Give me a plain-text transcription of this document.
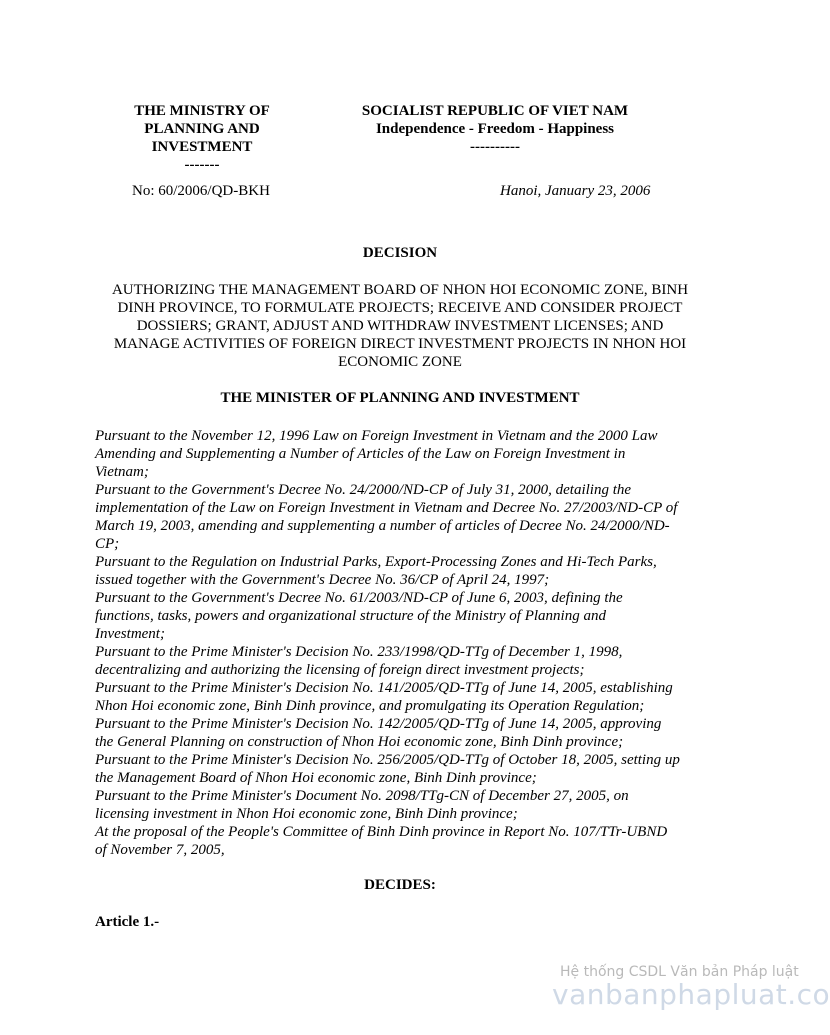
THE MINISTRY OF
PLANNING AND
INVESTMENT
-------
SOCIALIST REPUBLIC OF VIET NAM
Independence - Freedom - Happiness
----------
No: 60/2006/QD-BKH	Hanoi, January 23, 2006
DECISION
AUTHORIZING THE MANAGEMENT BOARD OF NHON HOI ECONOMIC ZONE, BINH
DINH PROVINCE, TO FORMULATE PROJECTS; RECEIVE AND CONSIDER PROJECT
DOSSIERS; GRANT, ADJUST AND WITHDRAW INVESTMENT LICENSES; AND
MANAGE ACTIVITIES OF FOREIGN DIRECT INVESTMENT PROJECTS IN NHON HOI
ECONOMIC ZONE
THE MINISTER OF PLANNING AND INVESTMENT
Pursuant to the November 12, 1996 Law on Foreign Investment in Vietnam and the 2000 Law
Amending and Supplementing a Number of Articles of the Law on Foreign Investment in
Vietnam;
Pursuant to the Government's Decree No. 24/2000/ND-CP of July 31, 2000, detailing the
implementation of the Law on Foreign Investment in Vietnam and Decree No. 27/2003/ND-CP of
March 19, 2003, amending and supplementing a number of articles of Decree No. 24/2000/ND-
CP;
Pursuant to the Regulation on Industrial Parks, Export-Processing Zones and Hi-Tech Parks,
issued together with the Government's Decree No. 36/CP of April 24, 1997;
Pursuant to the Government's Decree No. 61/2003/ND-CP of June 6, 2003, defining the
functions, tasks, powers and organizational structure of the Ministry of Planning and
Investment;
Pursuant to the Prime Minister's Decision No. 233/1998/QD-TTg of December 1, 1998,
decentralizing and authorizing the licensing of foreign direct investment projects;
Pursuant to the Prime Minister's Decision No. 141/2005/QD-TTg of June 14, 2005, establishing
Nhon Hoi economic zone, Binh Dinh province, and promulgating its Operation Regulation;
Pursuant to the Prime Minister's Decision No. 142/2005/QD-TTg of June 14, 2005, approving
the General Planning on construction of Nhon Hoi economic zone, Binh Dinh province;
Pursuant to the Prime Minister's Decision No. 256/2005/QD-TTg of October 18, 2005, setting up
the Management Board of Nhon Hoi economic zone, Binh Dinh province;
Pursuant to the Prime Minister's Document No. 2098/TTg-CN of December 27, 2005, on
licensing investment in Nhon Hoi economic zone, Binh Dinh province;
At the proposal of the People's Committee of Binh Dinh province in Report No. 107/TTr-UBND
of November 7, 2005,
DECIDES:
Article 1.-
Hệ thống CSDL Văn bản Pháp luật
vanbanphapluat.co
